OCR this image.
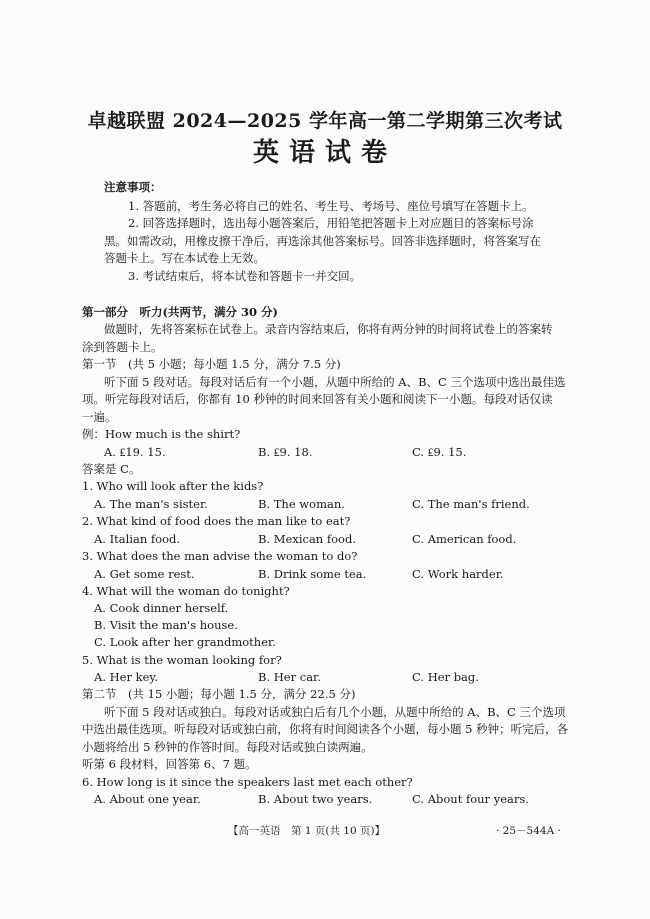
卓越联盟 2024—2025 学年高一第二学期第三次考试
英语试卷
注意事项：
1. 答题前，考生务必将自己的姓名、考生号、考场号、座位号填写在答题卡上。
2. 回答选择题时，选出每小题答案后，用铅笔把答题卡上对应题目的答案标号涂
黑。如需改动，用橡皮擦干净后，再选涂其他答案标号。回答非选择题时，将答案写在
答题卡上。写在本试卷上无效。
3. 考试结束后，将本试卷和答题卡一并交回。
第一部分　听力(共两节，满分 30 分)
做题时，先将答案标在试卷上。录音内容结束后，你将有两分钟的时间将试卷上的答案转
涂到答题卡上。
第一节　(共 5 小题；每小题 1.5 分，满分 7.5 分)
听下面 5 段对话。每段对话后有一个小题，从题中所给的 A、B、C 三个选项中选出最佳选
项。听完每段对话后，你都有 10 秒钟的时间来回答有关小题和阅读下一小题。每段对话仅读
一遍。
例：How much is the shirt?
A. ₤19. 15.	B. ₤9. 18.	C. ₤9. 15.
答案是 C。
1. Who will look after the kids?
A. The man's sister.	B. The woman.	C. The man's friend.
2. What kind of food does the man like to eat?
A. Italian food.	B. Mexican food.	C. American food.
3. What does the man advise the woman to do?
A. Get some rest.	B. Drink some tea.	C. Work harder.
4. What will the woman do tonight?
A. Cook dinner herself.
B. Visit the man's house.
C. Look after her grandmother.
5. What is the woman looking for?
A. Her key.	B. Her car.	C. Her bag.
第二节　(共 15 小题；每小题 1.5 分，满分 22.5 分)
听下面 5 段对话或独白。每段对话或独白后有几个小题，从题中所给的 A、B、C 三个选项
中选出最佳选项。听每段对话或独白前，你将有时间阅读各个小题，每小题 5 秒钟；听完后，各
小题将给出 5 秒钟的作答时间。每段对话或独白读两遍。
听第 6 段材料，回答第 6、7 题。
6. How long is it since the speakers last met each other?
A. About one year.	B. About two years.	C. About four years.
【高一英语　第 1 页(共 10 页)】	· 25－544A ·
